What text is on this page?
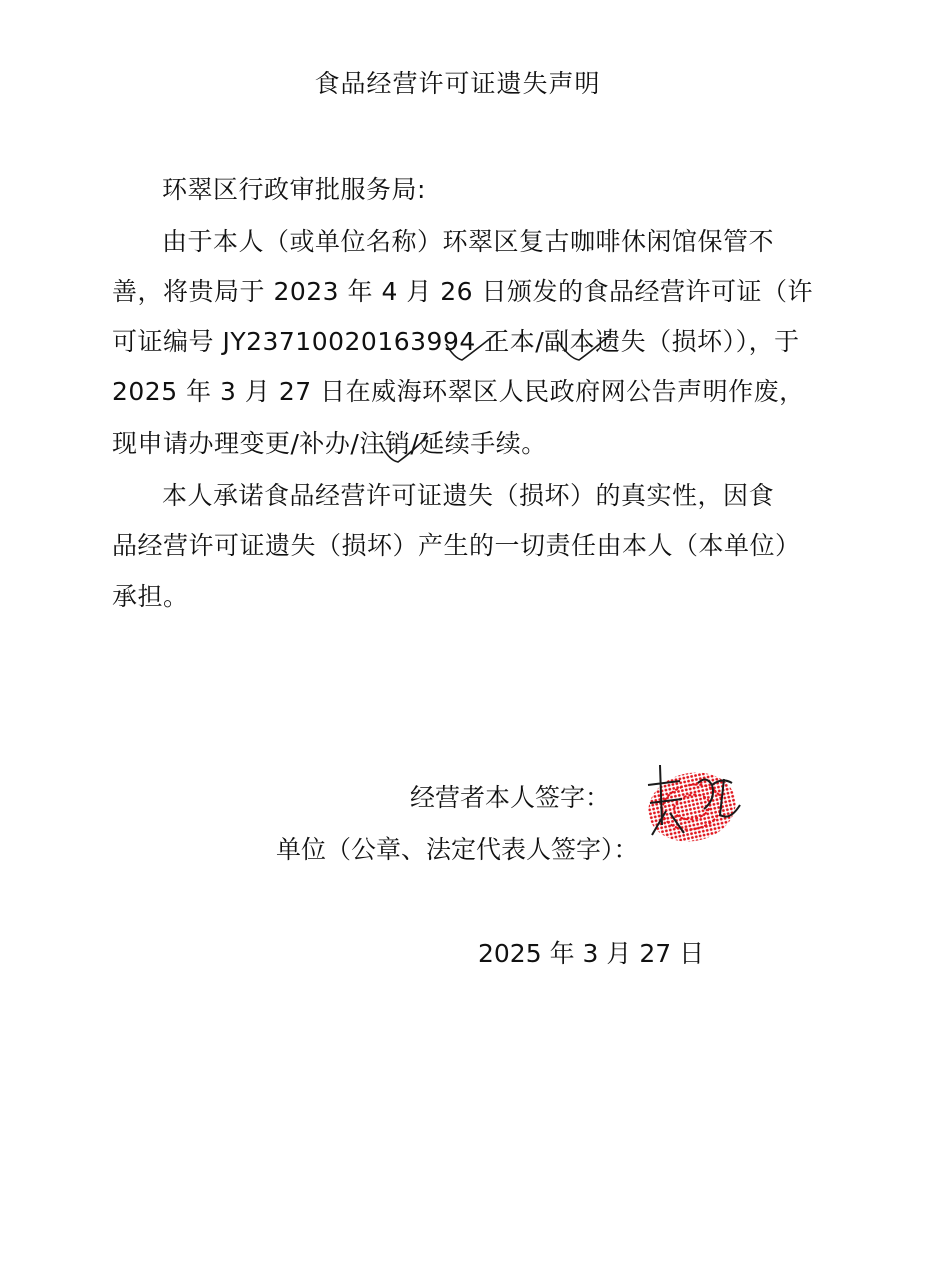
食品经营许可证遗失声明
环翠区行政审批服务局:
由于本人（或单位名称）环翠区复古咖啡休闲馆保管不
善，将贵局于 2023 年 4 月 26 日颁发的食品经营许可证（许
可证编号 JY23710020163994 正本/副本遗失（损坏）），于
2025 年 3 月 27 日在威海环翠区人民政府网公告声明作废，
现申请办理变更/补办/注销/延续手续。
本人承诺食品经营许可证遗失（损坏）的真实性，因食
品经营许可证遗失（损坏）产生的一切责任由本人（本单位）
承担。
经营者本人签字：
单位（公章、法定代表人签字）：
2025 年 3 月 27 日
